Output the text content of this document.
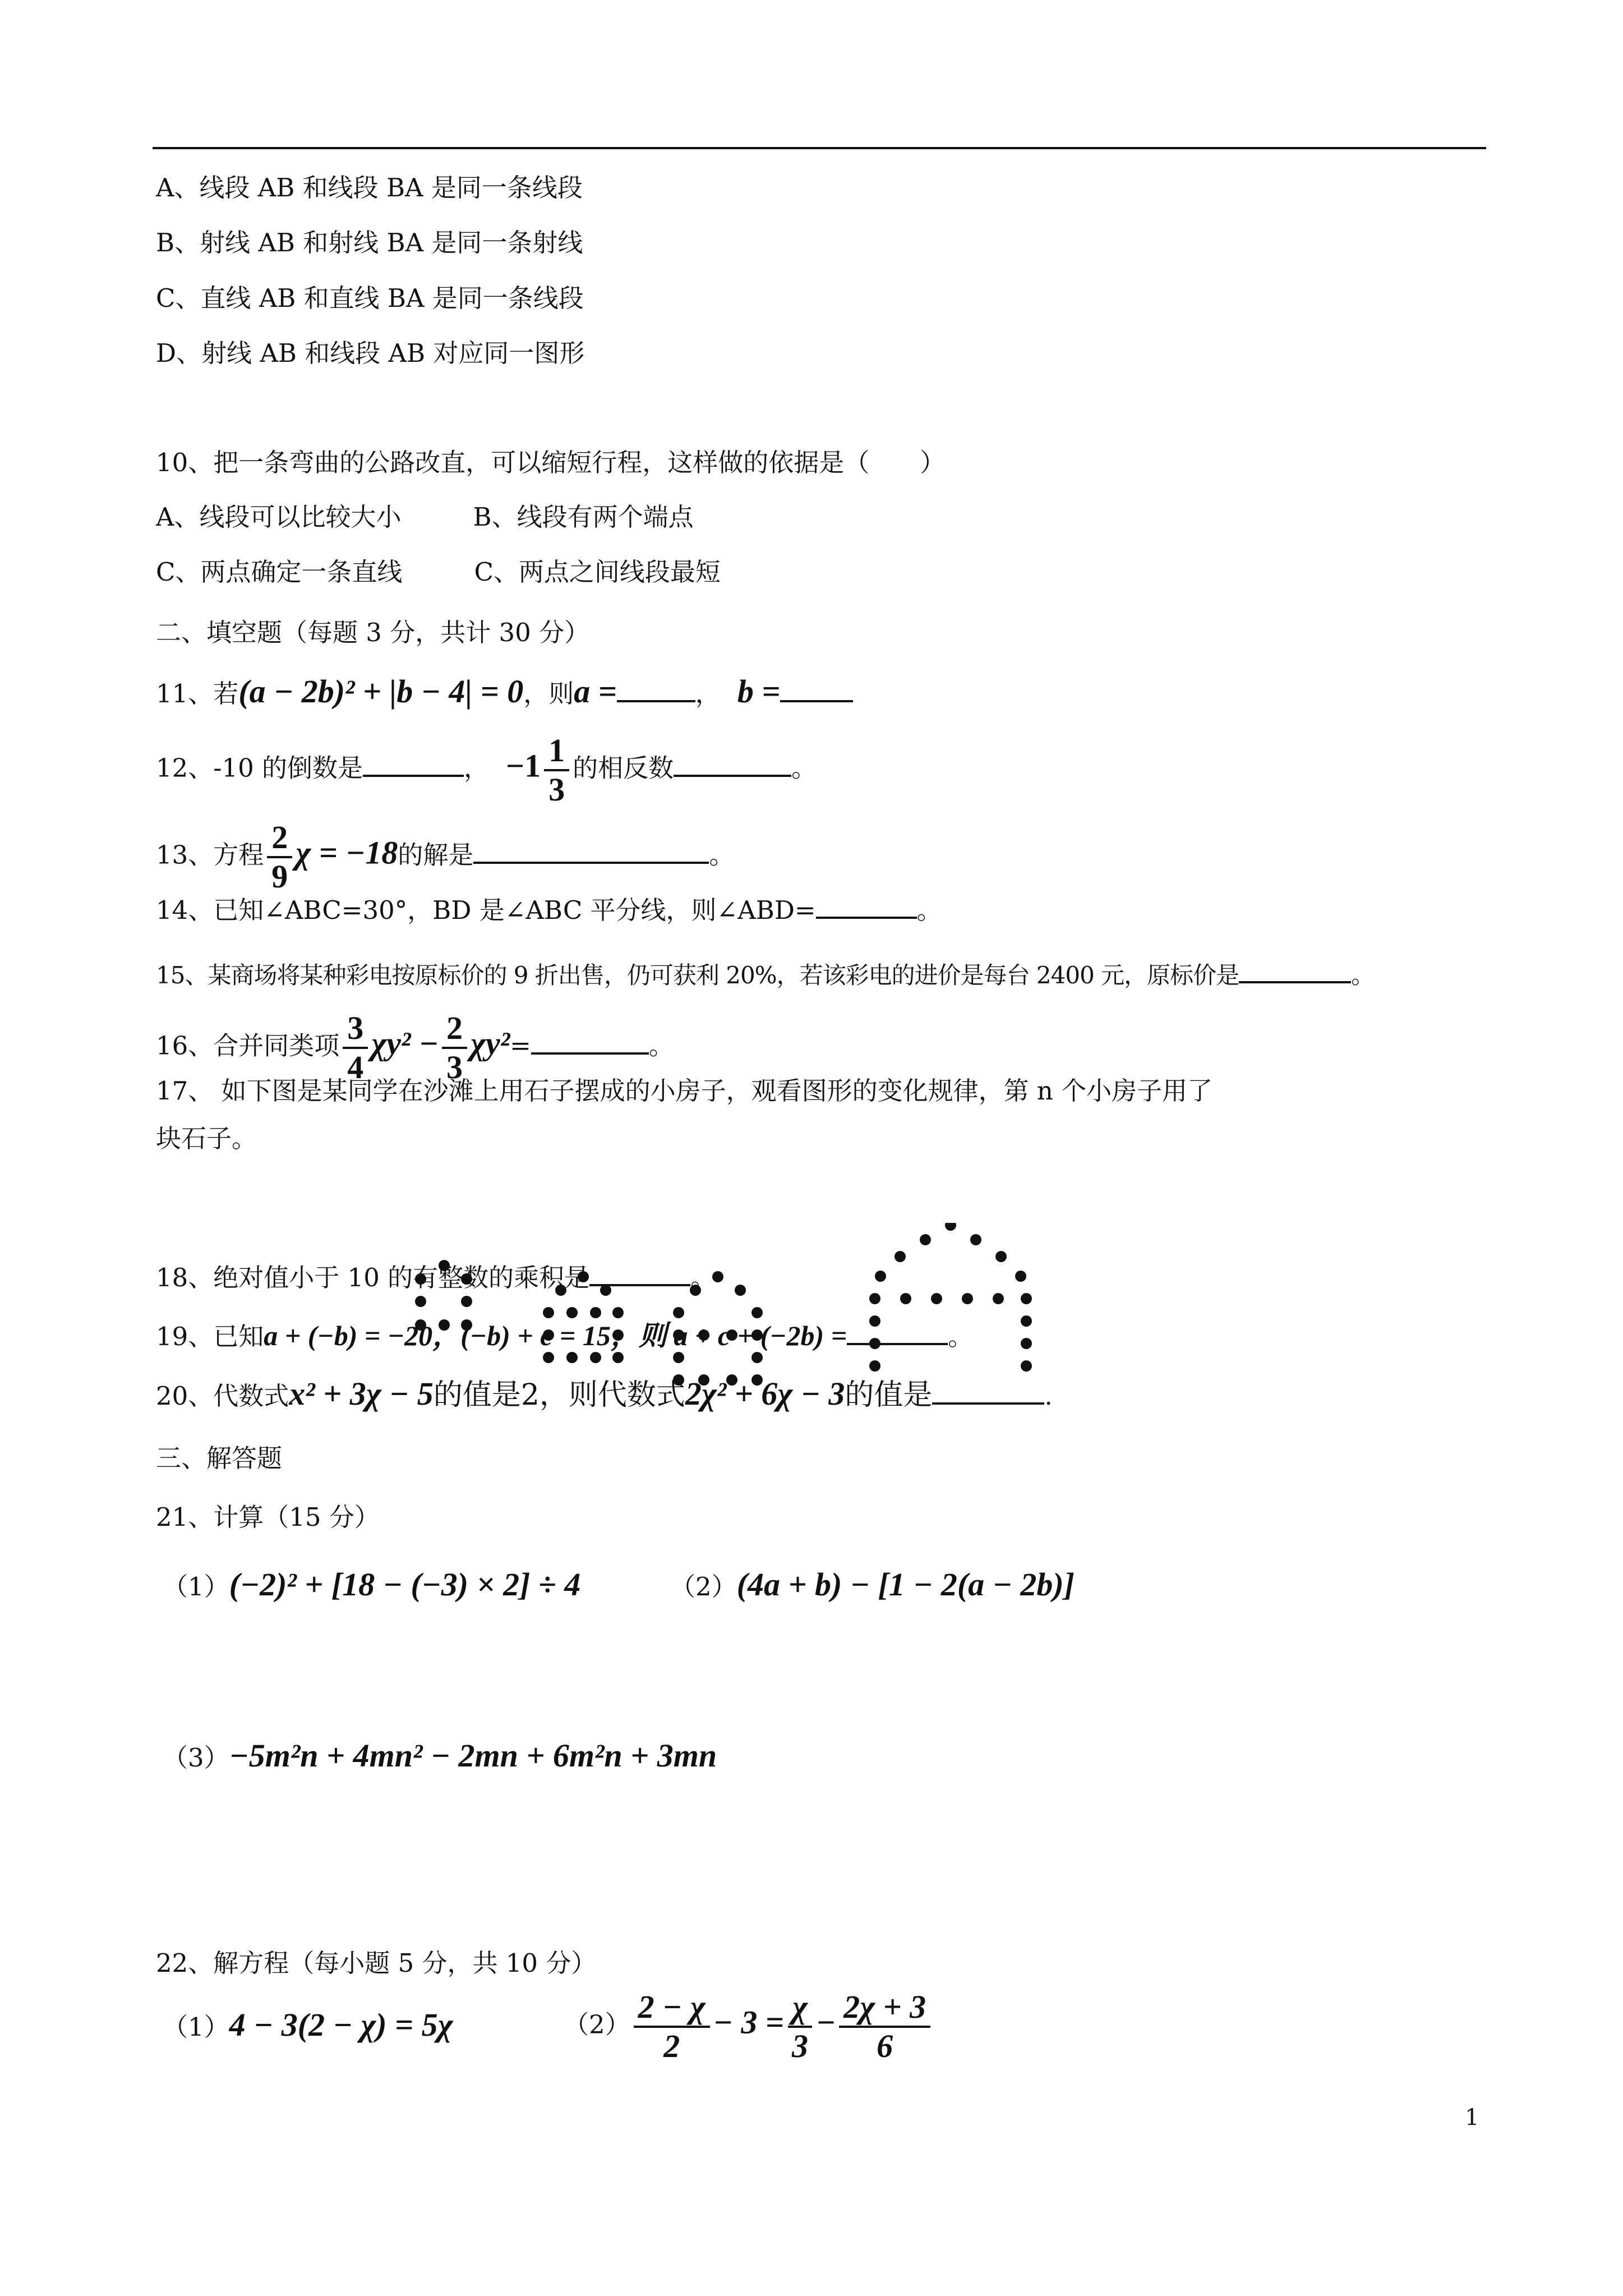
A、线段 AB 和线段 BA 是同一条线段
B、射线 AB 和射线 BA 是同一条射线
C、直线 AB 和直线 BA 是同一条线段
D、射线 AB 和线段 AB 对应同一图形
10、把一条弯曲的公路改直，可以缩短行程，这样做的依据是（　　）
A、线段可以比较大小	B、线段有两个端点
C、两点确定一条直线	C、两点之间线段最短
二、填空题（每题 3 分，共计 30 分）
11、若(a − 2b)² + |b − 4| = 0，则a =	， b =
12、-10 的倒数是	， $-1 \frac{1}{3}$ 的相反数	。
13、方程 $\frac{2}{9}$ χ = −18的解是	。
14、已知∠ABC=30°，BD 是∠ABC 平分线，则∠ABD=	。
15、某商场将某种彩电按原标价的 9 折出售，仍可获利 20%，若该彩电的进价是每台 2400 元，原标价是	。
16、合并同类项 $\frac{3}{4} \chi y^2 - \frac{2}{3} \chi y^2=$	。
17、 如下图是某同学在沙滩上用石子摆成的小房子，观看图形的变化规律，第 n 个小房子用了
块石子。
18、绝对值小于 10 的有整数的乘积是	。
19、已知a + (−b) = −20，(−b) + c = 15，则 a + c + (−2b) =	。
20、代数式x² + 3χ − 5的值是2，则代数式2χ² + 6χ − 3的值是	.
三、解答题
21、计算（15 分）
（1）(−2)² + [18 − (−3) × 2] ÷ 4	（2）(4a + b) − [1 − 2(a − 2b)]
（3）−5m²n + 4mn² − 2mn + 6m²n + 3mn
22、解方程（每小题 5 分，共 10 分）
（1）4 − 3(2 − χ) = 5χ	$(2) \frac{2 - \chi}{2} - 3 = \frac{\chi}{3} - \frac{2\chi + 3}{6}$
1
